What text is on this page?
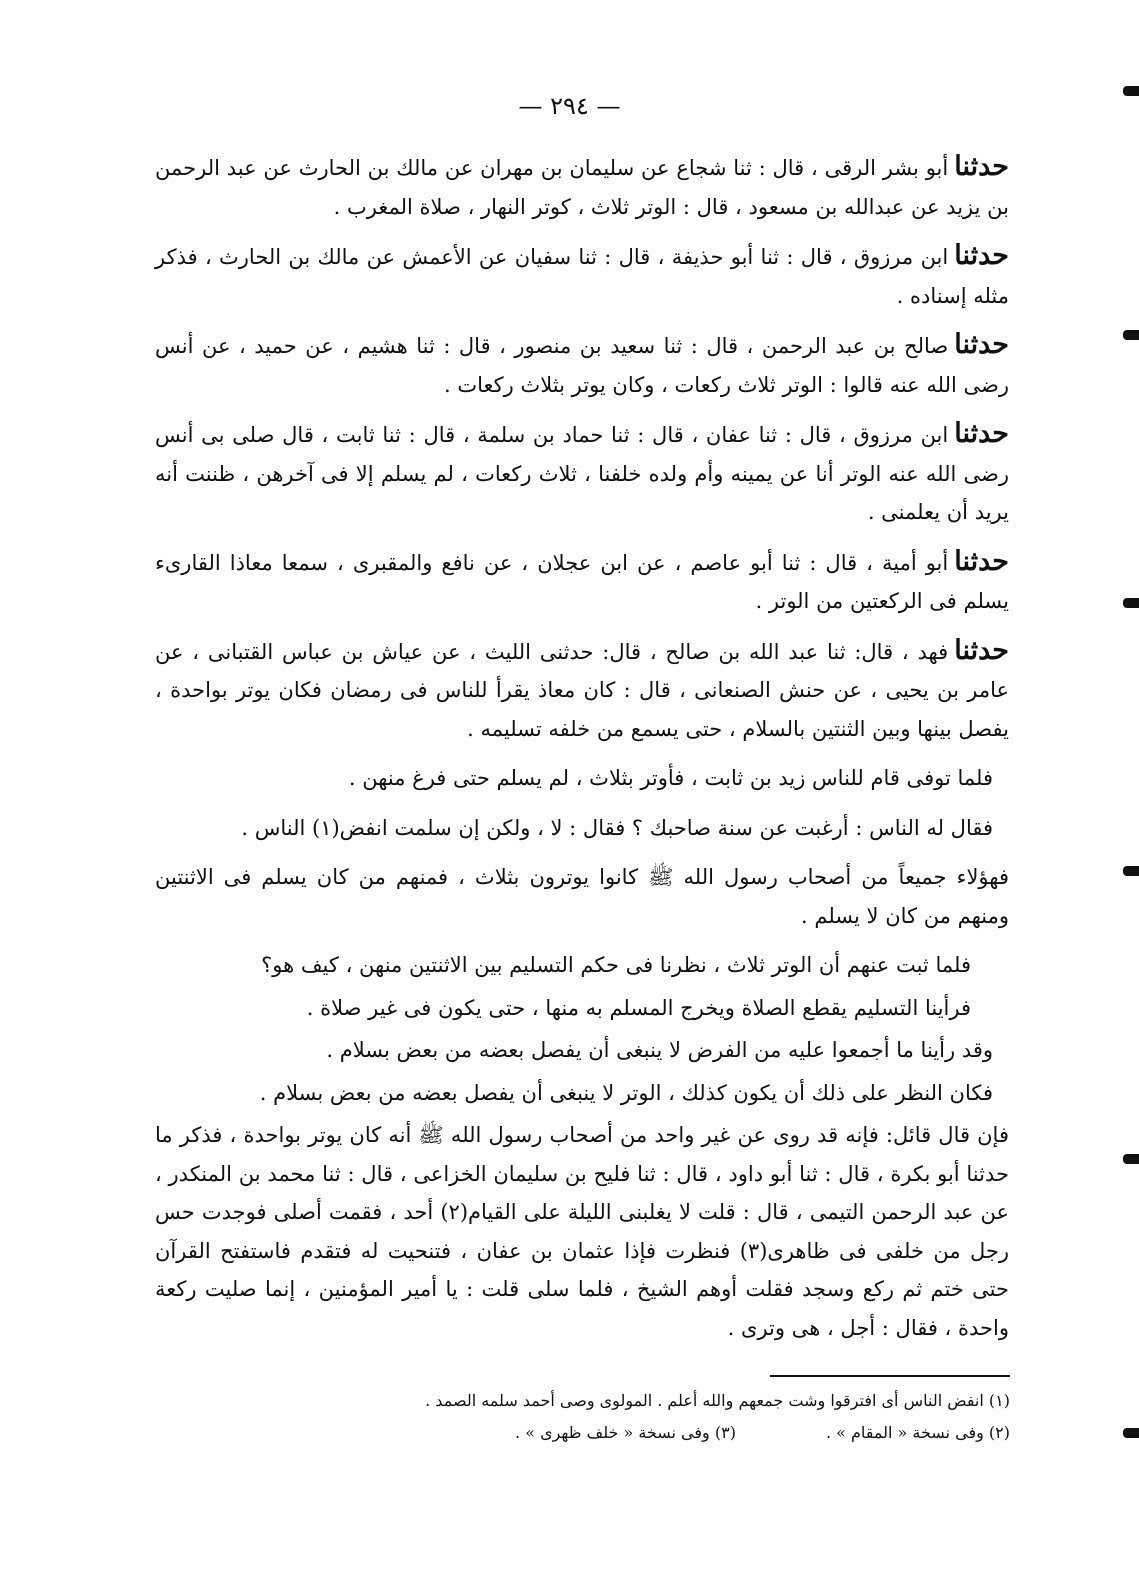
— ٢٩٤ —

حدثناأبو بشر الرقى ، قال : ثنا شجاع عن سليمان بن مهران عن مالك بن الحارث عن عبد الرحمن بن يزيد عن عبدالله بن مسعود ، قال : الوتر ثلاث ، كوتر النهار ، صلاة المغرب .

حدثناابن مرزوق ، قال : ثنا أبو حذيفة ، قال : ثنا سفيان عن الأعمش عن مالك بن الحارث ، فذكر مثله إسناده .

حدثناصالح بن عبد الرحمن ، قال : ثنا سعيد بن منصور ، قال : ثنا هشيم ، عن حميد ، عن أنس رضى الله عنه قالوا : الوتر ثلاث ركعات ، وكان يوتر بثلاث ركعات .

حدثناابن مرزوق ، قال : ثنا عفان ، قال : ثنا حماد بن سلمة ، قال : ثنا ثابت ، قال صلى بى أنس رضى الله عنه الوتر أنا عن يمينه وأم ولده خلفنا ، ثلاث ركعات ، لم يسلم إلا فى آخرهن ، ظننت أنه يريد أن يعلمنى .

حدثناأبو أمية ، قال : ثنا أبو عاصم ، عن ابن عجلان ، عن نافع والمقبرى ، سمعا معاذا القارىء يسلم فى الركعتين من الوتر .

حدثنافهد ، قال: ثنا عبد الله بن صالح ، قال: حدثنى الليث ، عن عياش بن عباس القتبانى ، عن عامر بن يحيى ، عن حنش الصنعانى ، قال : كان معاذ يقرأ للناس فى رمضان فكان يوتر بواحدة ، يفصل بينها وبين الثنتين بالسلام ، حتى يسمع من خلفه تسليمه .

فلما توفى قام للناس زيد بن ثابت ، فأوتر بثلاث ، لم يسلم حتى فرغ منهن .

فقال له الناس : أرغبت عن سنة صاحبك ؟ فقال : لا ، ولكن إن سلمت انفض(١) الناس .

فهؤلاء جميعاً من أصحاب رسول الله ﷺ كانوا يوترون بثلاث ، فمنهم من كان يسلم فى الاثنتين ومنهم من كان لا يسلم .

فلما ثبت عنهم أن الوتر ثلاث ، نظرنا فى حكم التسليم بين الاثنتين منهن ، كيف هو؟

فرأينا التسليم يقطع الصلاة ويخرج المسلم به منها ، حتى يكون فى غير صلاة .

وقد رأينا ما أجمعوا عليه من الفرض لا ينبغى أن يفصل بعضه من بعض بسلام .

فكان النظر على ذلك أن يكون كذلك ، الوتر لا ينبغى أن يفصل بعضه من بعض بسلام .

فإن قال قائل: فإنه قد روى عن غير واحد من أصحاب رسول الله ﷺ أنه كان يوتر بواحدة ، فذكر ما حدثنا أبو بكرة ، قال : ثنا أبو داود ، قال : ثنا فليح بن سليمان الخزاعى ، قال : ثنا محمد بن المنكدر ، عن عبد الرحمن التيمى ، قال : قلت لا يغلبنى الليلة على القيام(٢) أحد ، فقمت أصلى فوجدت حس رجل من خلفى فى ظاهرى(٣) فنظرت فإذا عثمان بن عفان ، فتنحيت له فتقدم فاستفتح القرآن حتى ختم ثم ركع وسجد فقلت أوهم الشيخ ، فلما سلى قلت : يا أمير المؤمنين ، إنما صليت ركعة واحدة ، فقال : أجل ، هى وترى .

(١) انفض الناس أى افترقوا وشت جمعهم والله أعلم . المولوى وصى أحمد سلمه الصمد .
(٢) وفى نسخة « المقام » .
(٣) وفى نسخة « خلف ظهرى » .
